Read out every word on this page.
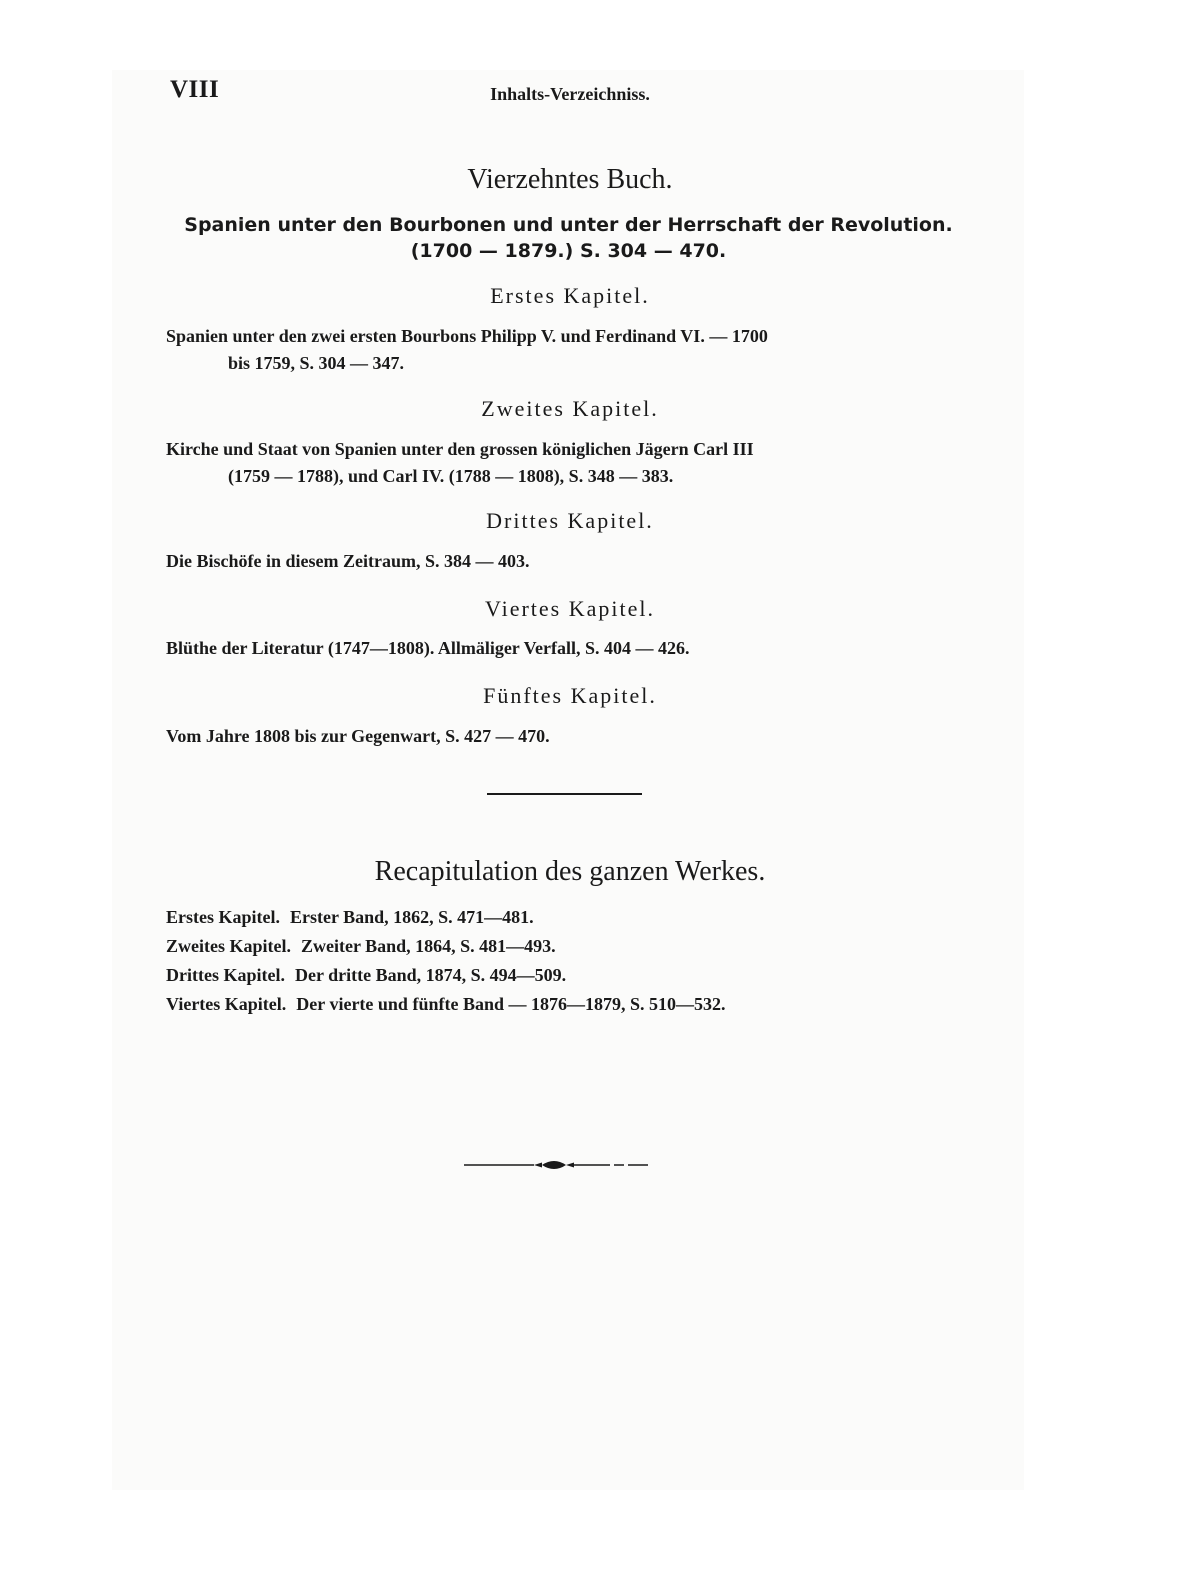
VIII	Inhalts-Verzeichniss.
Vierzehntes Buch.
Spanien unter den Bourbonen und unter der Herrschaft der Revolution.
(1700 — 1879.) S. 304 — 470.
Erstes Kapitel.
Spanien unter den zwei ersten Bourbons Philipp V. und Ferdinand VI. — 1700
bis 1759, S. 304 — 347.
Zweites Kapitel.
Kirche und Staat von Spanien unter den grossen königlichen Jägern Carl III
(1759 — 1788), und Carl IV. (1788 — 1808), S. 348 — 383.
Drittes Kapitel.
Die Bischöfe in diesem Zeitraum, S. 384 — 403.
Viertes Kapitel.
Blüthe der Literatur (1747—1808). Allmäliger Verfall, S. 404 — 426.
Fünftes Kapitel.
Vom Jahre 1808 bis zur Gegenwart, S. 427 — 470.
Recapitulation des ganzen Werkes.
Erstes Kapitel. Erster Band, 1862, S. 471—481.
Zweites Kapitel. Zweiter Band, 1864, S. 481—493.
Drittes Kapitel. Der dritte Band, 1874, S. 494—509.
Viertes Kapitel. Der vierte und fünfte Band — 1876—1879, S. 510—532.
